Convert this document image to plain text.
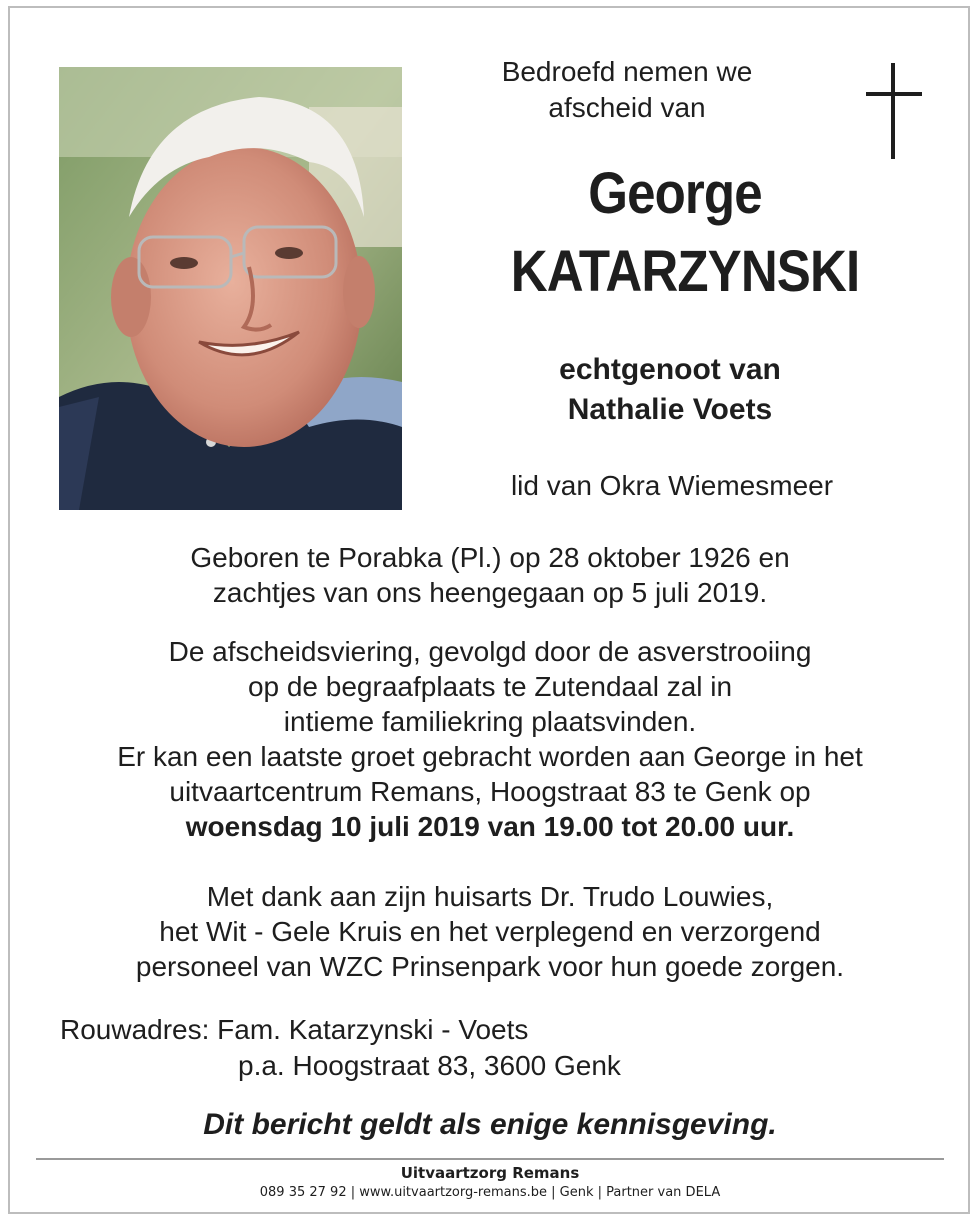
Bedroefd nemen we
afscheid van
George
KATARZYNSKI
echtgenoot van
Nathalie Voets
lid van Okra Wiemesmeer
Geboren te Porabka (Pl.) op 28 oktober 1926 en
zachtjes van ons heengegaan op 5 juli 2019.
De afscheidsviering, gevolgd door de asverstrooiing
op de begraafplaats te Zutendaal zal in
intieme familiekring plaatsvinden.
Er kan een laatste groet gebracht worden aan George in het
uitvaartcentrum Remans, Hoogstraat 83 te Genk op
woensdag 10 juli 2019 van 19.00 tot 20.00 uur.
Met dank aan zijn huisarts Dr. Trudo Louwies,
het Wit - Gele Kruis en het verplegend en verzorgend
personeel van WZC Prinsenpark voor hun goede zorgen.
Rouwadres: Fam. Katarzynski - Voets
p.a. Hoogstraat 83, 3600 Genk
Dit bericht geldt als enige kennisgeving.
Uitvaartzorg Remans
089 35 27 92 | www.uitvaartzorg-remans.be | Genk | Partner van DELA
